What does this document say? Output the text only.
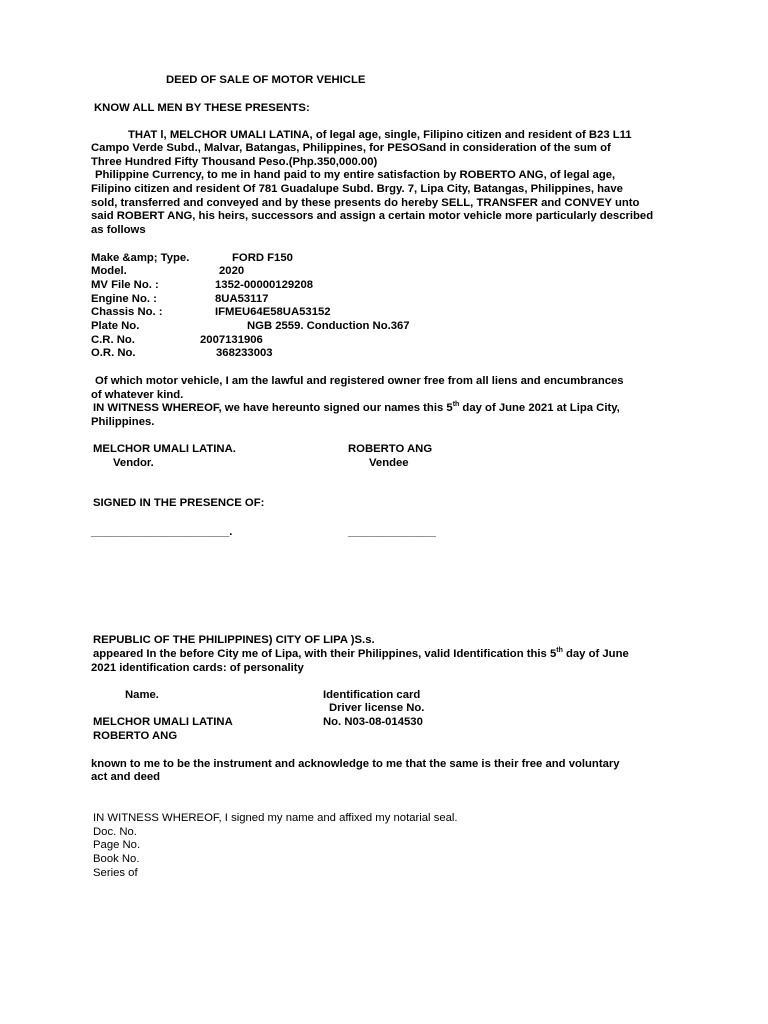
DEED OF SALE OF MOTOR VEHICLE
KNOW ALL MEN BY THESE PRESENTS:
THAT l, MELCHOR UMALI LATINA, of legal age, single, Filipino citizen and resident of B23 L11
Campo Verde Subd., Malvar, Batangas, Philippines, for PESOSand in consideration of the sum of
Three Hundred Fifty Thousand Peso.(Php.350,000.00)
Philippine Currency, to me in hand paid to my entire satisfaction by ROBERTO ANG, of legal age,
Filipino citizen and resident Of 781 Guadalupe Subd. Brgy. 7, Lipa City, Batangas, Philippines, have
sold, transferred and conveyed and by these presents do hereby SELL, TRANSFER and CONVEY unto
said ROBERT ANG, his heirs, successors and assign a certain motor vehicle more particularly described
as follows
Make &amp; Type.	FORD F150
Model.	2020
MV File No. :	1352-00000129208
Engine No. :	8UA53117
Chassis No. :	IFMEU64E58UA53152
Plate No.	NGB 2559. Conduction No.367
C.R. No.	2007131906
O.R. No.	368233003
Of which motor vehicle, I am the lawful and registered owner free from all liens and encumbrances
of whatever kind.
IN WITNESS WHEREOF, we have hereunto signed our names this 5th day of June 2021 at Lipa City,
Philippines.
MELCHOR UMALI LATINA.
Vendor.
ROBERTO ANG
Vendee
SIGNED IN THE PRESENCE OF:
______________________.	______________
REPUBLIC OF THE PHILIPPINES) CITY OF LIPA )S.s.
appeared In the before City me of Lipa, with their Philippines, valid Identification this 5th day of June
2021 identification cards: of personality
Name.	Identification card
Driver license No.
MELCHOR UMALI LATINA	No. N03-08-014530
ROBERTO ANG
known to me to be the instrument and acknowledge to me that the same is their free and voluntary
act and deed
IN WITNESS WHEREOF, I signed my name and affixed my notarial seal.
Doc. No.
Page No.
Book No.
Series of
